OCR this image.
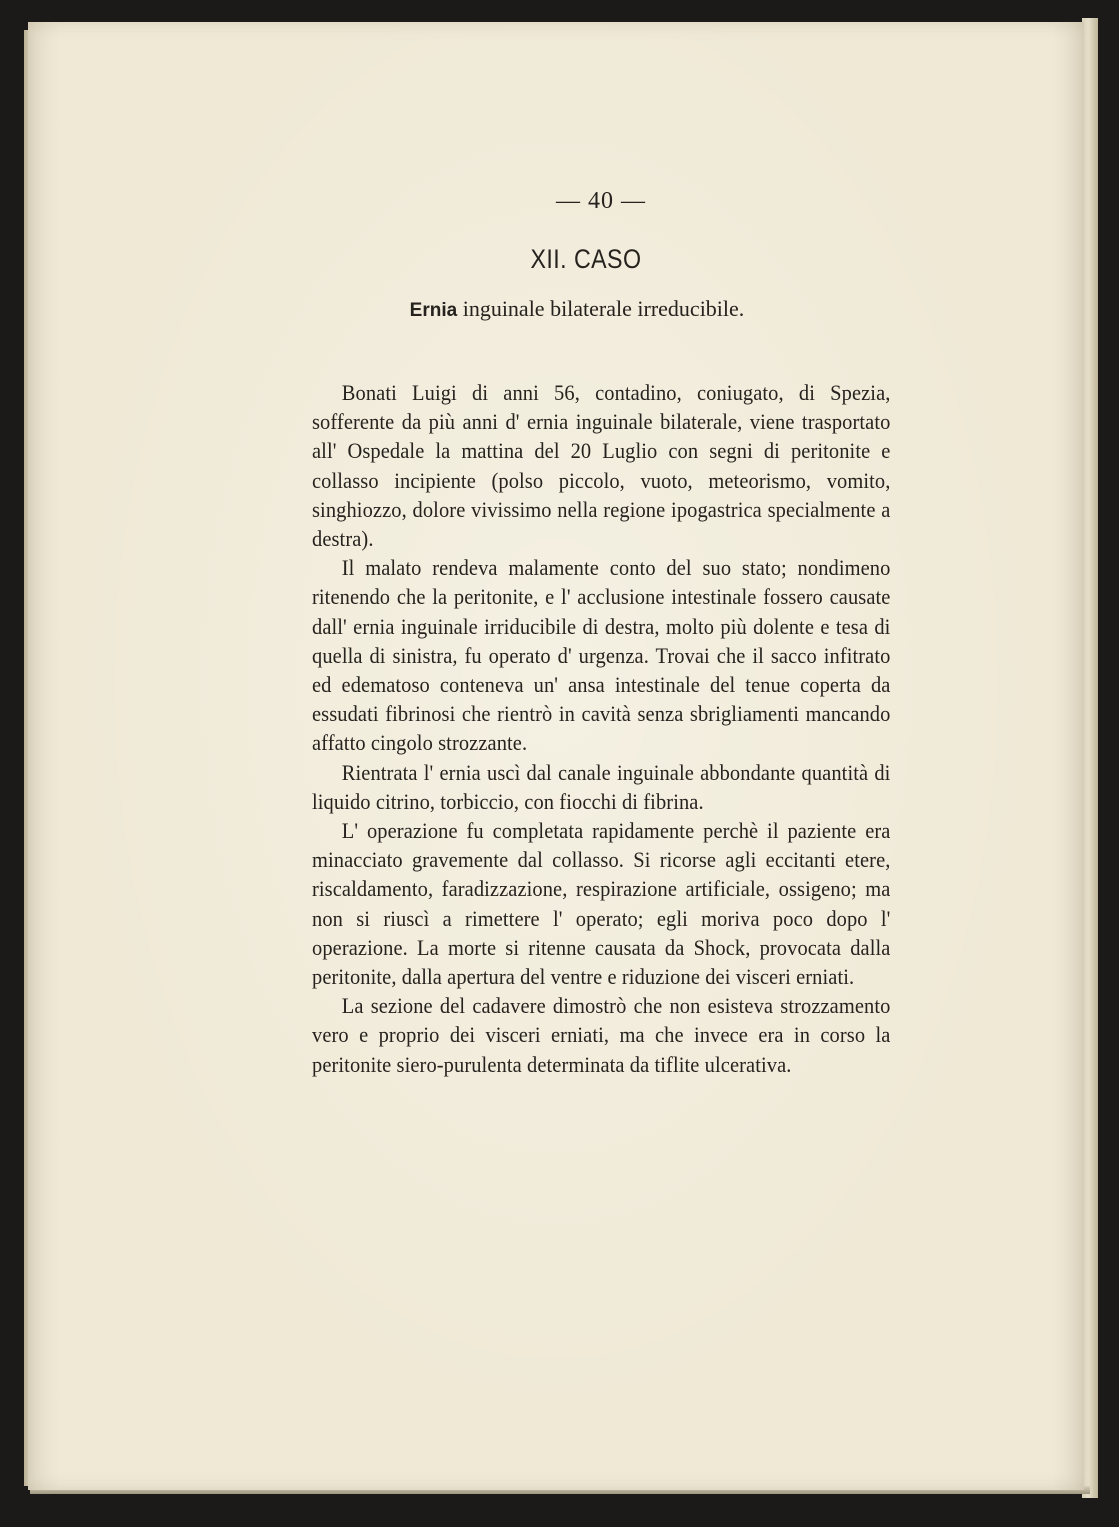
— 40 —
XII. CASO
Ernia inguinale bilaterale irreducibile.

Bonati Luigi di anni 56, contadino, coniugato, di Spezia, sofferente da più anni d' ernia inguinale bilaterale, viene trasportato all' Ospedale la mattina del 20 Luglio con segni di peritonite e collasso incipiente (polso piccolo, vuoto, meteorismo, vomito, singhiozzo, dolore vivissimo nella regione ipogastrica specialmente a destra).

Il malato rendeva malamente conto del suo stato; nondimeno ritenendo che la peritonite, e l' acclusione intestinale fossero causate dall' ernia inguinale irriducibile di destra, molto più dolente e tesa di quella di sinistra, fu operato d' urgenza. Trovai che il sacco infitrato ed edematoso conteneva un' ansa intestinale del tenue coperta da essudati fibrinosi che rientrò in cavità senza sbrigliamenti mancando affatto cingolo strozzante.

Rientrata l' ernia uscì dal canale inguinale abbondante quantità di liquido citrino, torbiccio, con fiocchi di fibrina.

L' operazione fu completata rapidamente perchè il paziente era minacciato gravemente dal collasso. Si ricorse agli eccitanti etere, riscaldamento, faradizzazione, respirazione artificiale, ossigeno; ma non si riuscì a rimettere l' operato; egli moriva poco dopo l' operazione. La morte si ritenne causata da Shock, provocata dalla peritonite, dalla apertura del ventre e riduzione dei visceri erniati.

La sezione del cadavere dimostrò che non esisteva strozzamento vero e proprio dei visceri erniati, ma che invece era in corso la peritonite siero-purulenta determinata da tiflite ulcerativa.
